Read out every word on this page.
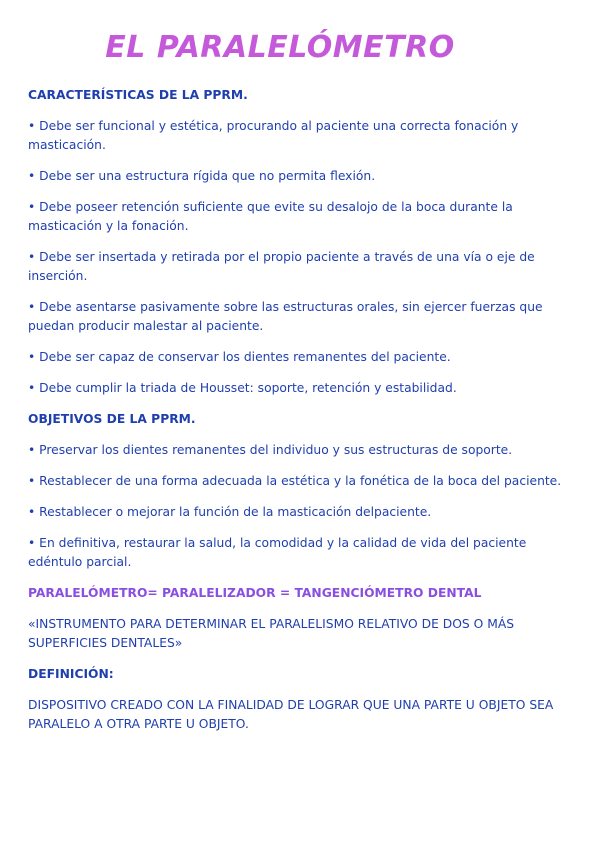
EL PARALELÓMETRO

CARACTERÍSTICAS DE LA PPRM.

• Debe ser funcional y estética, procurando al paciente una correcta fonación y masticación.

• Debe ser una estructura rígida que no permita flexión.

• Debe poseer retención suficiente que evite su desalojo de la boca durante la masticación y la fonación.

• Debe ser insertada y retirada por el propio paciente a través de una vía o eje de inserción.

• Debe asentarse pasivamente sobre las estructuras orales, sin ejercer fuerzas que puedan producir malestar al paciente.

• Debe ser capaz de conservar los dientes remanentes del paciente.

• Debe cumplir la triada de Housset: soporte, retención y estabilidad.

OBJETIVOS DE LA PPRM.

• Preservar los dientes remanentes del individuo y sus estructuras de soporte.

• Restablecer de una forma adecuada la estética y la fonética de la boca del paciente.

• Restablecer o mejorar la función de la masticación delpaciente.

• En definitiva, restaurar la salud, la comodidad y la calidad de vida del paciente edéntulo parcial.

PARALELÓMETRO= PARALELIZADOR = TANGENCIÓMETRO DENTAL

«INSTRUMENTO PARA DETERMINAR EL PARALELISMO RELATIVO DE DOS O MÁS SUPERFICIES DENTALES»

DEFINICIÓN:

DISPOSITIVO CREADO CON LA FINALIDAD DE LOGRAR QUE UNA PARTE U OBJETO SEA PARALELO A OTRA PARTE U OBJETO.
